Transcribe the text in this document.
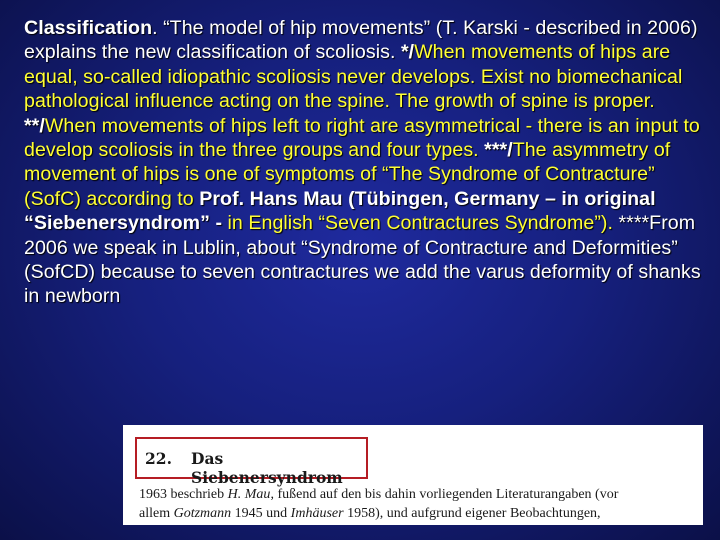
Classification. “The model of hip movements” (T. Karski - described in 2006) explains the new classification of scoliosis. */When movements of hips are equal, so-called idiopathic scoliosis never develops. Exist no biomechanical pathological influence acting on the spine. The growth of spine is proper. **/When movements of hips left to right are asymmetrical - there is an input to develop scoliosis in the three groups and four types. ***/The asymmetry of movement of hips is one of symptoms of “The Syndrome of Contracture” (SofC) according to Prof. Hans Mau (Tübingen, Germany – in original “Siebenersyndrom” - in English “Seven Contractures Syndrome”). ****From 2006 we speak in Lublin, about “Syndrome of Contracture and Deformities” (SofCD) because to seven contractures we add the varus deformity of shanks in newborn
22. Das Siebenersyndrom
1963 beschrieb H. Mau, fußend auf den bis dahin vorliegenden Literaturangaben (vor
allem Gotzmann 1945 und Imhäuser 1958), und aufgrund eigener Beobachtungen,
